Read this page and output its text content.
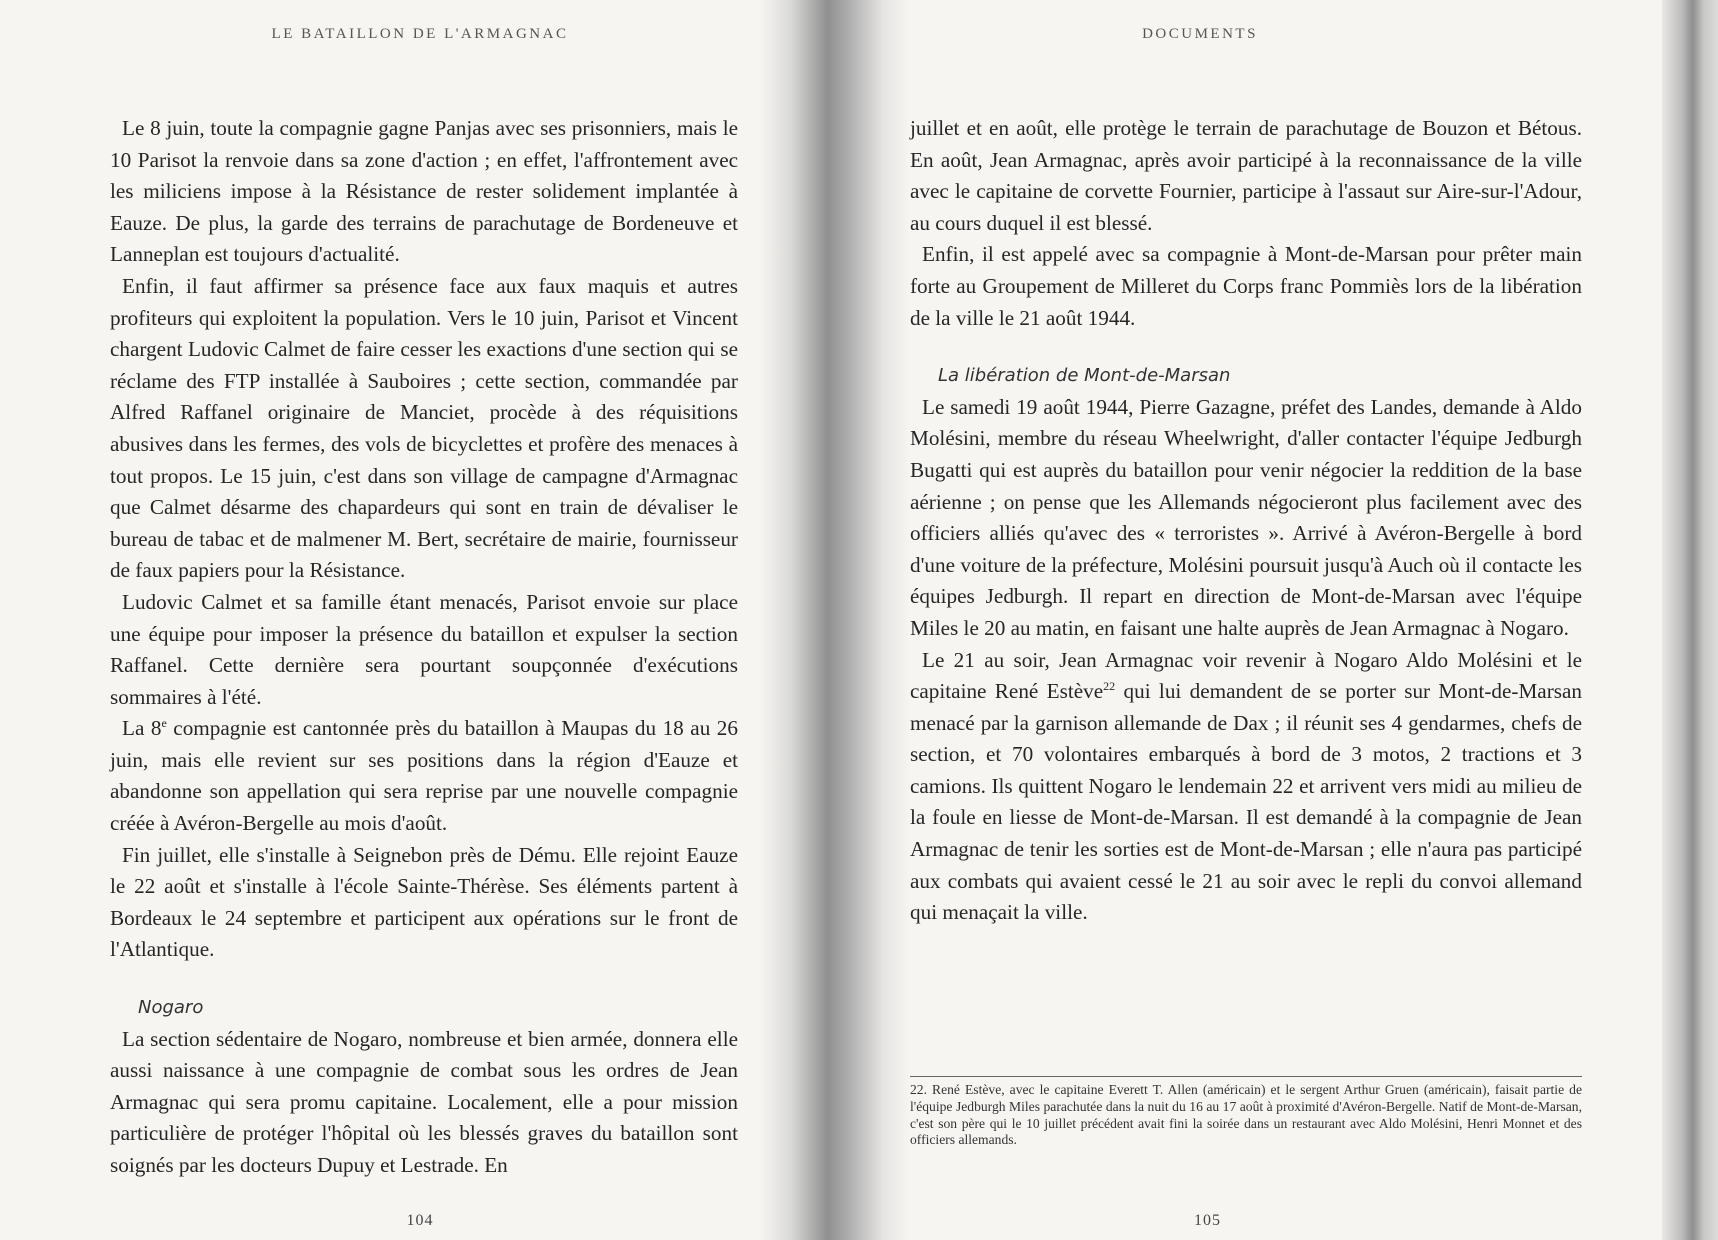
LE BATAILLON DE L'ARMAGNAC

Le 8 juin, toute la compagnie gagne Panjas avec ses prisonniers, mais le 10 Parisot la renvoie dans sa zone d'action ; en effet, l'affrontement avec les miliciens impose à la Résistance de rester solidement implantée à Eauze. De plus, la garde des terrains de parachutage de Bordeneuve et Lanneplan est toujours d'actualité.

Enfin, il faut affirmer sa présence face aux faux maquis et autres profiteurs qui exploitent la population. Vers le 10 juin, Parisot et Vincent chargent Ludovic Calmet de faire cesser les exactions d'une section qui se réclame des FTP installée à Sauboires ; cette section, commandée par Alfred Raffanel originaire de Manciet, procède à des réquisitions abusives dans les fermes, des vols de bicyclettes et profère des menaces à tout propos. Le 15 juin, c'est dans son village de campagne d'Armagnac que Calmet désarme des chapardeurs qui sont en train de dévaliser le bureau de tabac et de malmener M. Bert, secrétaire de mairie, fournisseur de faux papiers pour la Résistance.

Ludovic Calmet et sa famille étant menacés, Parisot envoie sur place une équipe pour imposer la présence du bataillon et expulser la section Raffanel. Cette dernière sera pourtant soupçonnée d'exécutions sommaires à l'été.

La 8e compagnie est cantonnée près du bataillon à Maupas du 18 au 26 juin, mais elle revient sur ses positions dans la région d'Eauze et abandonne son appellation qui sera reprise par une nouvelle compagnie créée à Avéron-Bergelle au mois d'août.

Fin juillet, elle s'installe à Seignebon près de Dému. Elle rejoint Eauze le 22 août et s'installe à l'école Sainte-Thérèse. Ses éléments partent à Bordeaux le 24 septembre et participent aux opérations sur le front de l'Atlantique.

Nogaro

La section sédentaire de Nogaro, nombreuse et bien armée, donnera elle aussi naissance à une compagnie de combat sous les ordres de Jean Armagnac qui sera promu capitaine. Localement, elle a pour mission particulière de protéger l'hôpital où les blessés graves du bataillon sont soignés par les docteurs Dupuy et Lestrade. En

104
DOCUMENTS

juillet et en août, elle protège le terrain de parachutage de Bouzon et Bétous. En août, Jean Armagnac, après avoir participé à la reconnaissance de la ville avec le capitaine de corvette Fournier, participe à l'assaut sur Aire-sur-l'Adour, au cours duquel il est blessé.

Enfin, il est appelé avec sa compagnie à Mont-de-Marsan pour prêter main forte au Groupement de Milleret du Corps franc Pommiès lors de la libération de la ville le 21 août 1944.

La libération de Mont-de-Marsan

Le samedi 19 août 1944, Pierre Gazagne, préfet des Landes, demande à Aldo Molésini, membre du réseau Wheelwright, d'aller contacter l'équipe Jedburgh Bugatti qui est auprès du bataillon pour venir négocier la reddition de la base aérienne ; on pense que les Allemands négocieront plus facilement avec des officiers alliés qu'avec des « terroristes ». Arrivé à Avéron-Bergelle à bord d'une voiture de la préfecture, Molésini poursuit jusqu'à Auch où il contacte les équipes Jedburgh. Il repart en direction de Mont-de-Marsan avec l'équipe Miles le 20 au matin, en faisant une halte auprès de Jean Armagnac à Nogaro.

Le 21 au soir, Jean Armagnac voir revenir à Nogaro Aldo Molésini et le capitaine René Estève$^{22}$ qui lui demandent de se porter sur Mont-de-Marsan menacé par la garnison allemande de Dax ; il réunit ses 4 gendarmes, chefs de section, et 70 volontaires embarqués à bord de 3 motos, 2 tractions et 3 camions. Ils quittent Nogaro le lendemain 22 et arrivent vers midi au milieu de la foule en liesse de Mont-de-Marsan. Il est demandé à la compagnie de Jean Armagnac de tenir les sorties est de Mont-de-Marsan ; elle n'aura pas participé aux combats qui avaient cessé le 21 au soir avec le repli du convoi allemand qui menaçait la ville.

22. René Estève, avec le capitaine Everett T. Allen (américain) et le sergent Arthur Gruen (américain), faisait partie de l'équipe Jedburgh Miles parachutée dans la nuit du 16 au 17 août à proximité d'Avéron-Bergelle. Natif de Mont-de-Marsan, c'est son père qui le 10 juillet précédent avait fini la soirée dans un restaurant avec Aldo Molésini, Henri Monnet et des officiers allemands.
105
